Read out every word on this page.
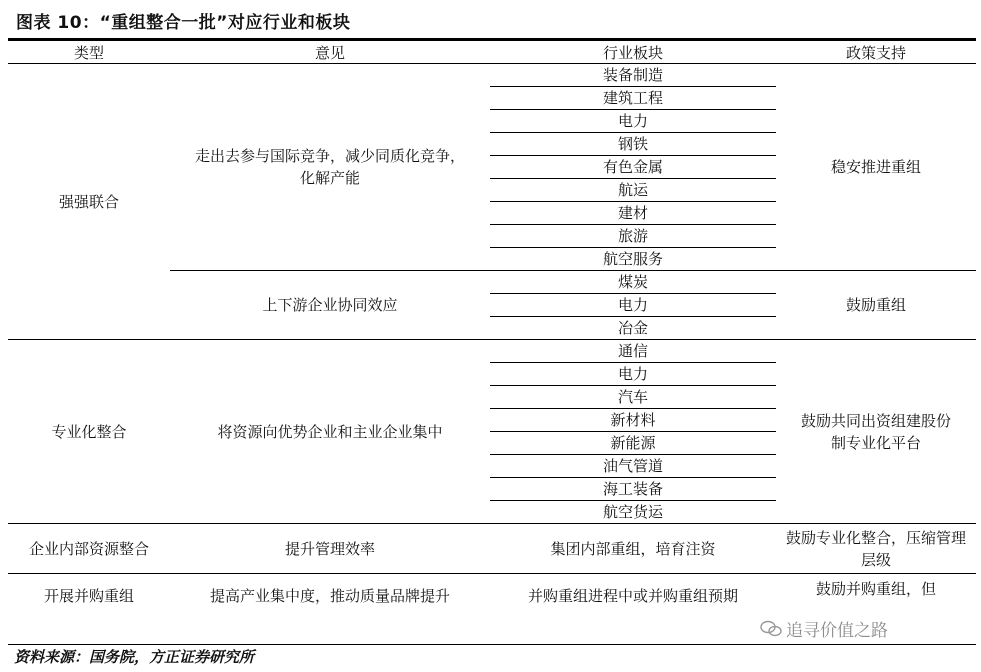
图表 10：“重组整合一批”对应行业和板块
类型	意见	行业板块	政策支持
强强联合	走出去参与国际竞争，减少同质化竞争，化解产能	装备制造	稳安推进重组
		建筑工程	
		电力	
		钢铁	
		有色金属	
		航运	
		建材	
		旅游	
		航空服务	
	上下游企业协同效应	煤炭	鼓励重组
		电力	
		冶金	
专业化整合	将资源向优势企业和主业企业集中	通信	鼓励共同出资组建股份制专业化平台
		电力	
		汽车	
		新材料	
		新能源	
		油气管道	
		海工装备	
		航空货运	
企业内部资源整合	提升管理效率	集团内部重组，培育注资	鼓励专业化整合，压缩管理层级
开展并购重组	提高产业集中度，推动质量品牌提升	并购重组进程中或并购重组预期	鼓励并购重组，但
追寻价值之路
资料来源：国务院，方正证券研究所
